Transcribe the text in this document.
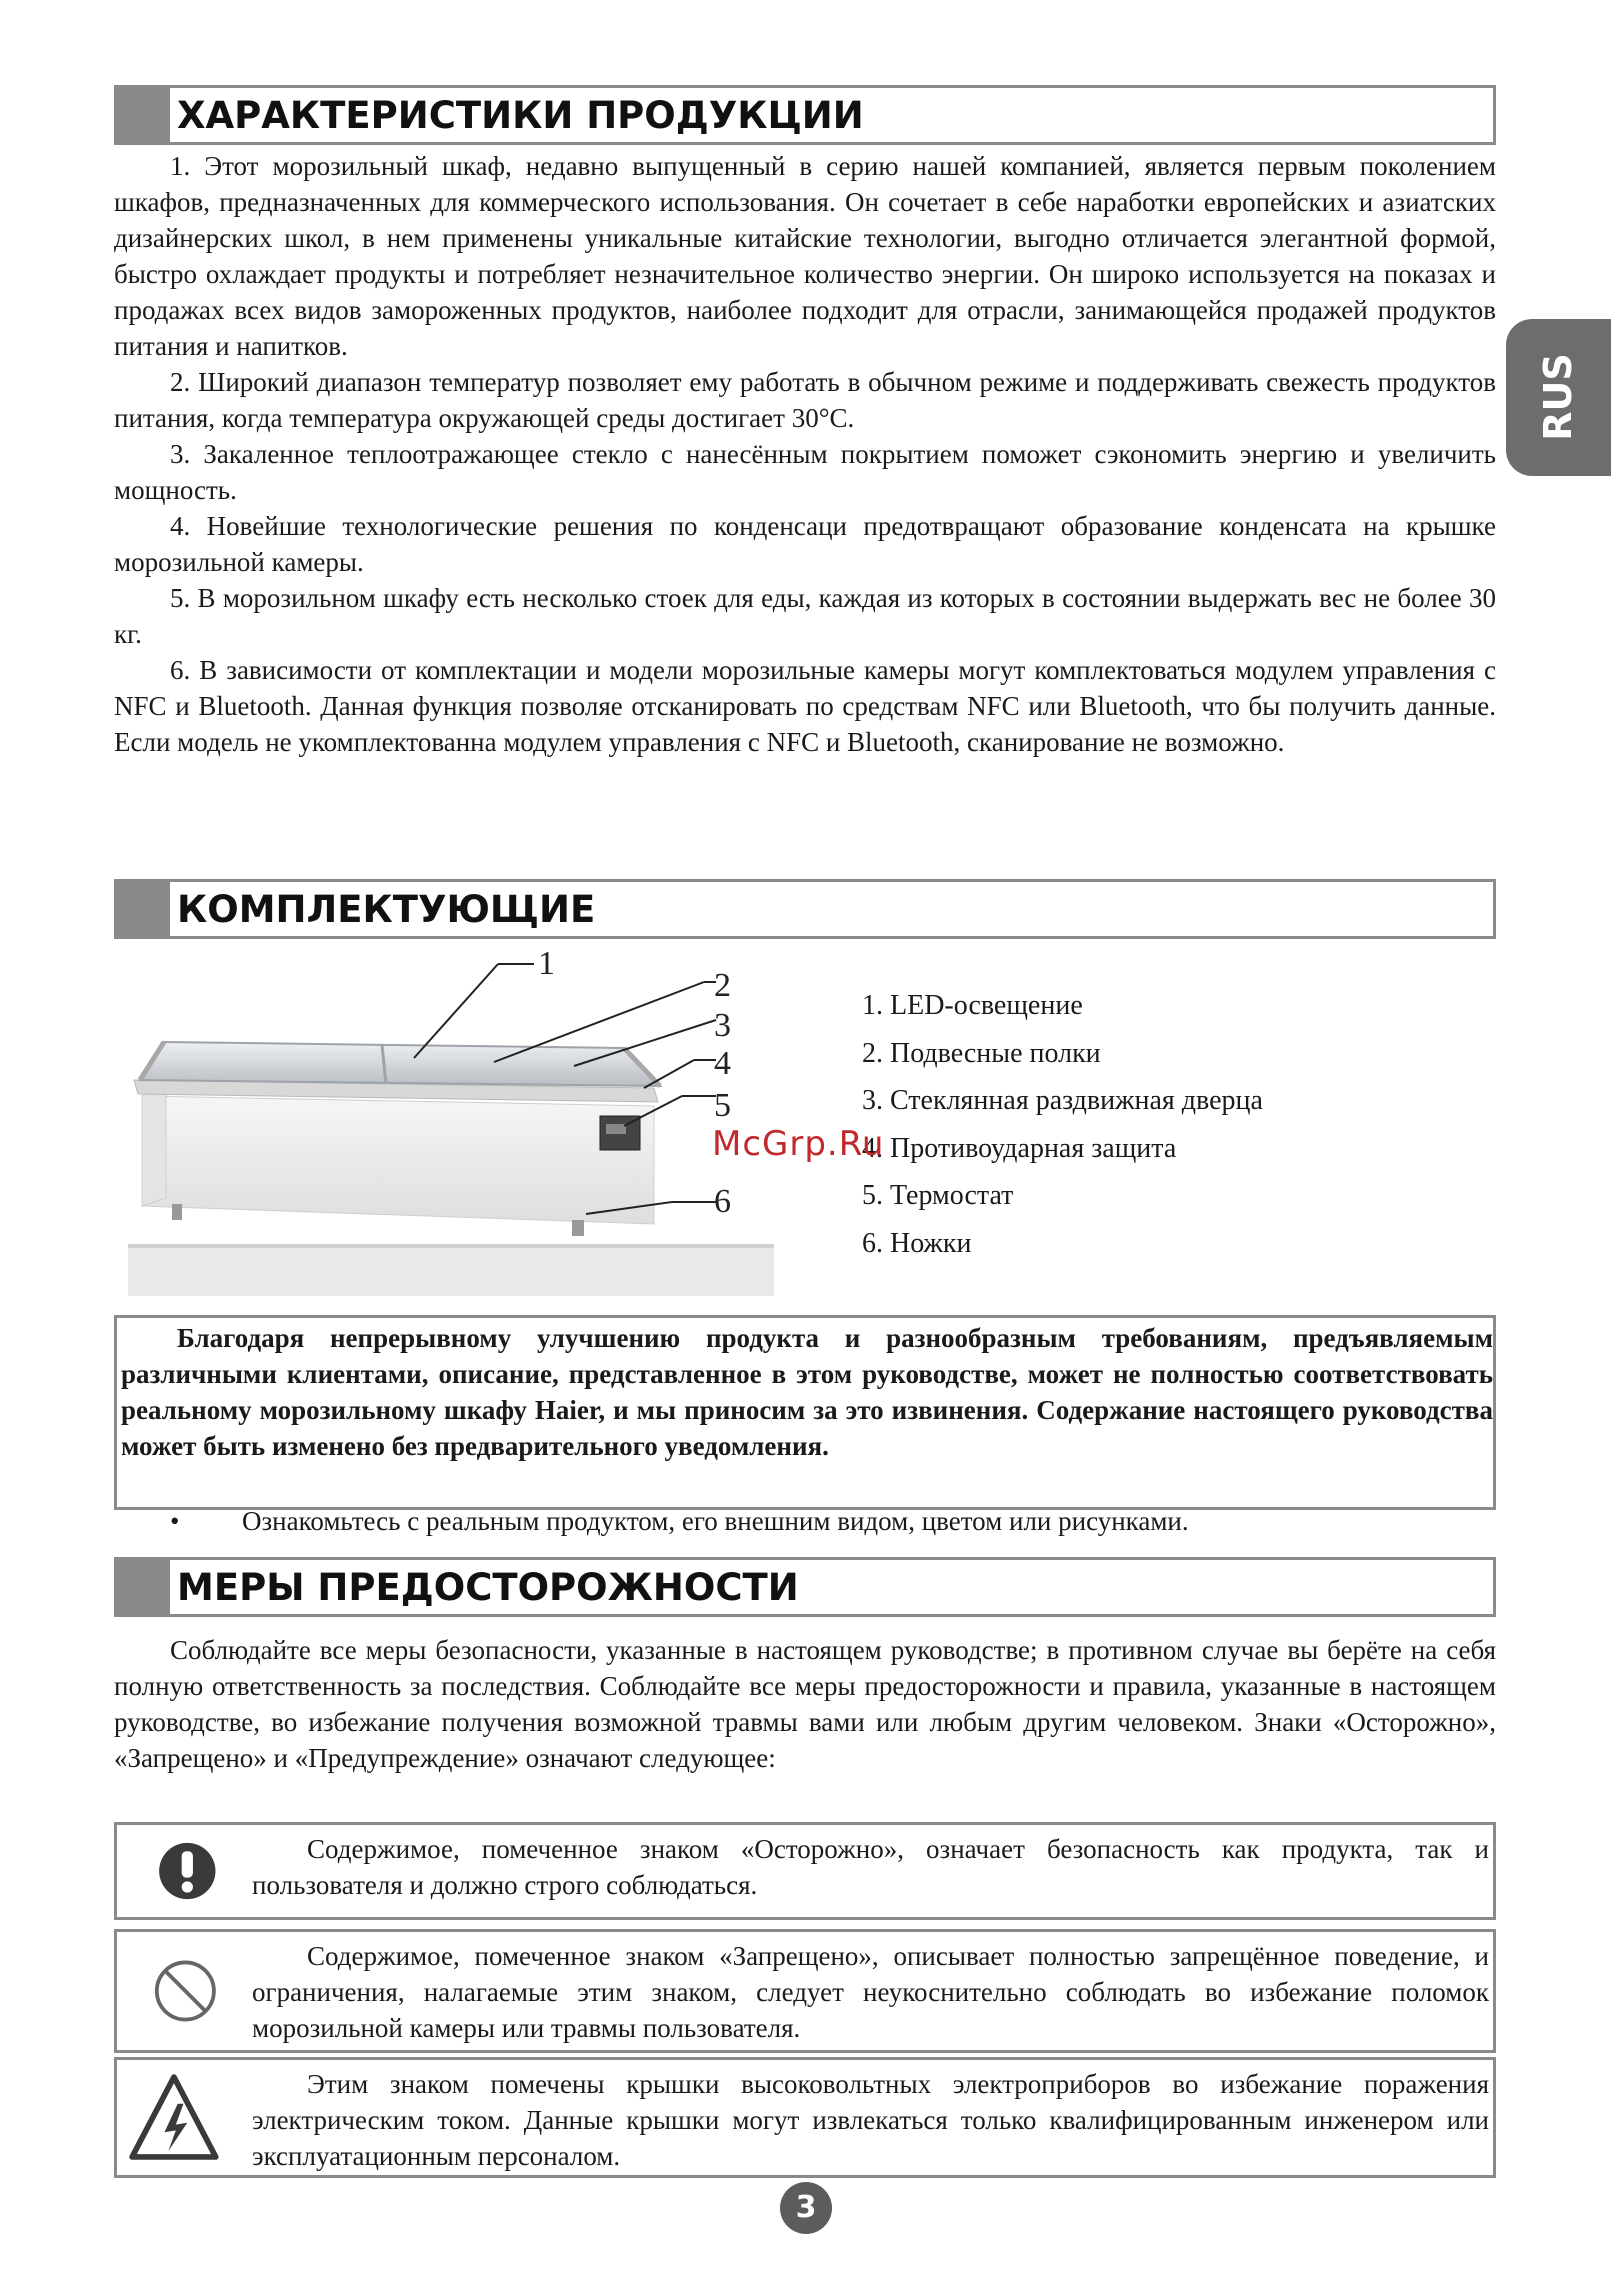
RUS
ХАРАКТЕРИСТИКИ ПРОДУКЦИИ

1. Этот морозильный шкаф, недавно выпущенный в серию нашей компанией, является первым поколением шкафов, предназначенных для коммерческого использования. Он сочетает в себе наработки европейских и азиатских дизайнерских школ, в нем применены уникальные китайские технологии, выгодно отличается элегантной формой, быстро охлаждает продукты и потребляет незначительное количество энергии. Он широко используется на показах и продажах всех видов замороженных продуктов, наиболее подходит для отрасли, занимающейся продажей продуктов питания и напитков.

2. Широкий диапазон температур позволяет ему работать в обычном режиме и поддерживать свежесть продуктов питания, когда температура окружающей среды достигает 30°C.

3. Закаленное теплоотражающее стекло с нанесённым покрытием поможет сэкономить энергию и увеличить мощность.

4. Новейшие технологические решения по конденсаци предотвращают образование конденсата на крышке морозильной камеры.

5. В морозильном шкафу есть несколько стоек для еды, каждая из которых в состоянии выдержать вес не более 30 кг.

6. В зависимости от комплектации и модели морозильные камеры могут комплектоваться модулем управления с NFC и Bluetooth. Данная функция позволяе отсканировать по средствам NFC или Bluetooth, что бы получить данные. Если модель не укомплектованна модулем управления с NFC и Bluetooth, сканирование не возможно.

КОМПЛЕКТУЮЩИЕ
1
2
3
4
5
6
1. LED-освещение
2. Подвесные полки
3. Стеклянная раздвижная дверца
4. Противоударная защита
5. Термостат
6. Ножки
McGrp.Ru

Благодаря непрерывному улучшению продукта и разнообразным требованиям, предъявляемым различными клиентами, описание, представленное в этом руководстве, может не полностью соответствовать реальному морозильному шкафу Haier, и мы приносим за это извинения. Содержание настоящего руководства может быть изменено без предварительного уведомления.

• Ознакомьтесь с реальным продуктом, его внешним видом, цветом или рисунками.
МЕРЫ ПРЕДОСТОРОЖНОСТИ

Соблюдайте все меры безопасности, указанные в настоящем руководстве; в противном случае вы берёте на себя полную ответственность за последствия. Соблюдайте все меры предосторожности и правила, указанные в настоящем руководстве, во избежание получения возможной травмы вами или любым другим человеком. Знаки «Осторожно», «Запрещено» и «Предупреждение» означают следующее:

Содержимое, помеченное знаком «Осторожно», означает безопасность как продукта, так и пользователя и должно строго соблюдаться.

Содержимое, помеченное знаком «Запрещено», описывает полностью запрещённое поведение, и ограничения, налагаемые этим знаком, следует неукоснительно соблюдать во избежание поломок морозильной камеры или травмы пользователя.

Этим знаком помечены крышки высоковольтных электроприборов во избежание поражения электрическим током. Данные крышки могут извлекаться только квалифицированным инженером или эксплуатационным персоналом.

3
